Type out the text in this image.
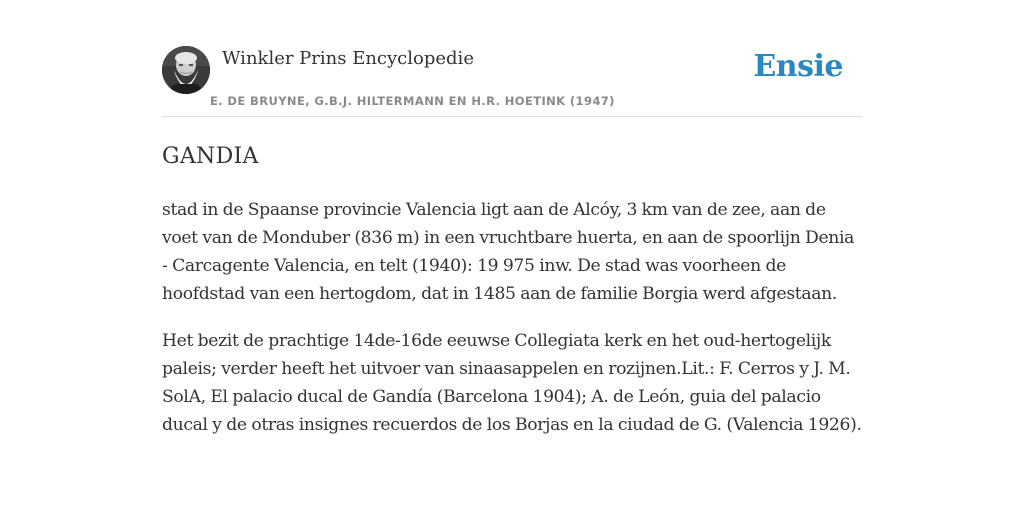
Winkler Prins Encyclopedie
E. DE BRUYNE, G.B.J. HILTERMANN EN H.R. HOETINK (1947)
Ensie
GANDIA

stad in de Spaanse provincie Valencia ligt aan de Alcóy, 3 km van de zee, aan de voet van de Monduber (836 m) in een vruchtbare huerta, en aan de spoorlijn Denia - Carcagente Valencia, en telt (1940): 19 975 inw. De stad was voorheen de hoofdstad van een hertogdom, dat in 1485 aan de familie Borgia werd afgestaan.

Het bezit de prachtige 14de-16de eeuwse Collegiata kerk en het oud-hertogelijk paleis; verder heeft het uitvoer van sinaasappelen en rozijnen.Lit.: F. Cerros y J. M. SolA, El palacio ducal de Gandía (Barcelona 1904); A. de León, guia del palacio ducal y de otras insignes recuerdos de los Borjas en la ciudad de G. (Valencia 1926).
